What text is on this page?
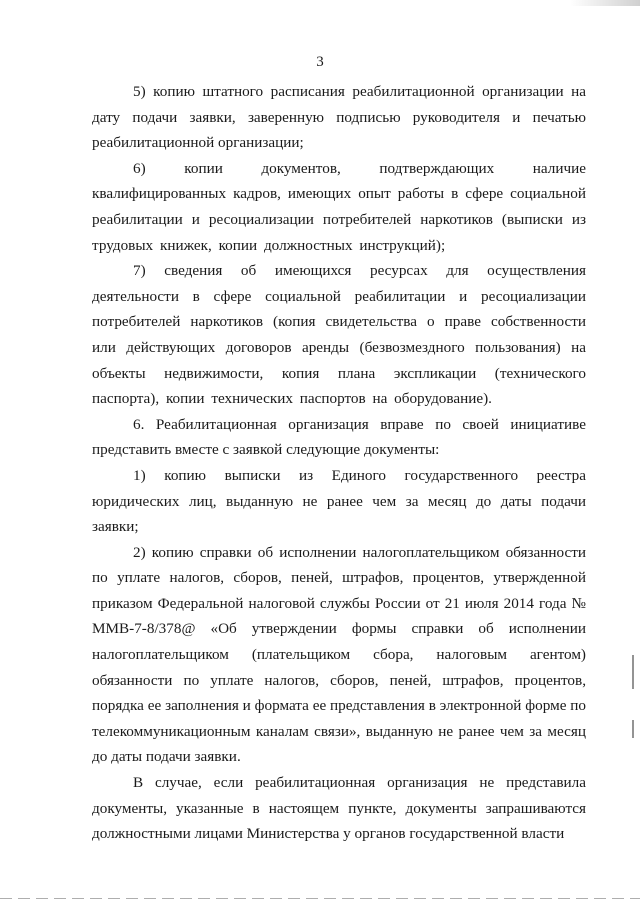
3

5) копию штатного расписания реабилитационной организации на дату подачи заявки, заверенную подписью руководителя и печатью реабилитационной организации;

6) копии документов, подтверждающих наличие квалифицированных кадров, имеющих опыт работы в сфере социальной реабилитации и ресоциализации потребителей наркотиков (выписки из трудовых книжек, копии должностных инструкций);

7) сведения об имеющихся ресурсах для осуществления деятельности в сфере социальной реабилитации и ресоциализации потребителей наркотиков (копия свидетельства о праве собственности или действующих договоров аренды (безвозмездного пользования) на объекты недвижимости, копия плана экспликации (технического паспорта), копии технических паспортов на оборудование).

6. Реабилитационная организация вправе по своей инициативе представить вместе с заявкой следующие документы:

1) копию выписки из Единого государственного реестра юридических лиц, выданную не ранее чем за месяц до даты подачи заявки;

2) копию справки об исполнении налогоплательщиком обязанности по уплате налогов, сборов, пеней, штрафов, процентов, утвержденной приказом Федеральной налоговой службы России от 21 июля 2014 года № ММВ-7-8/378@ «Об утверждении формы справки об исполнении налогоплательщиком (плательщиком сбора, налоговым агентом) обязанности по уплате налогов, сборов, пеней, штрафов, процентов, порядка ее заполнения и формата ее представления в электронной форме по телекоммуникационным каналам связи», выданную не ранее чем за месяц до даты подачи заявки.

В случае, если реабилитационная организация не представила документы, указанные в настоящем пункте, документы запрашиваются должностными лицами Министерства у органов государственной власти
